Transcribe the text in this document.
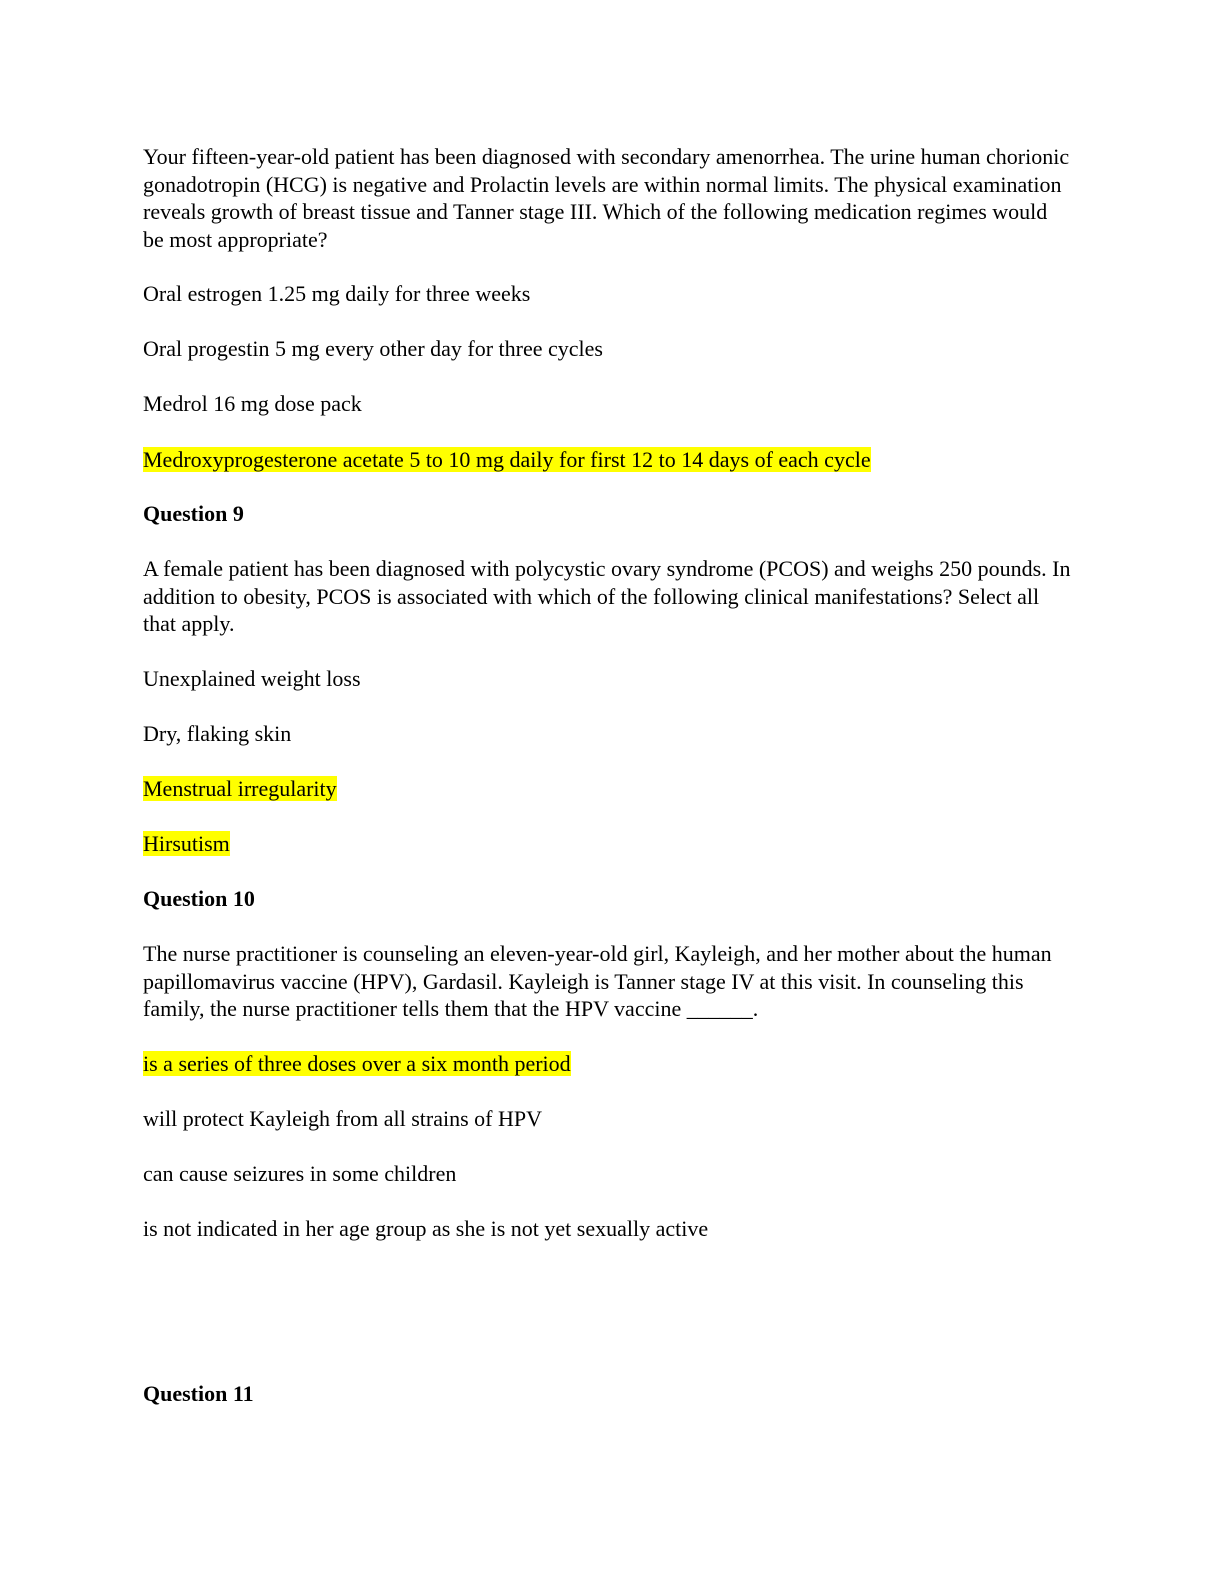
Your fifteen-year-old patient has been diagnosed with secondary amenorrhea. The urine human chorionic gonadotropin (HCG) is negative and Prolactin levels are within normal limits. The physical examination reveals growth of breast tissue and Tanner stage III. Which of the following medication regimes would be most appropriate?

Oral estrogen 1.25 mg daily for three weeks

Oral progestin 5 mg every other day for three cycles

Medrol 16 mg dose pack

Medroxyprogesterone acetate 5 to 10 mg daily for first 12 to 14 days of each cycle

Question 9

A female patient has been diagnosed with polycystic ovary syndrome (PCOS) and weighs 250 pounds. In addition to obesity, PCOS is associated with which of the following clinical manifestations? Select all that apply.

Unexplained weight loss

Dry, flaking skin

Menstrual irregularity

Hirsutism

Question 10

The nurse practitioner is counseling an eleven-year-old girl, Kayleigh, and her mother about the human papillomavirus vaccine (HPV), Gardasil. Kayleigh is Tanner stage IV at this visit. In counseling this family, the nurse practitioner tells them that the HPV vaccine ______.

is a series of three doses over a six month period

will protect Kayleigh from all strains of HPV

can cause seizures in some children

is not indicated in her age group as she is not yet sexually active

Question 11
